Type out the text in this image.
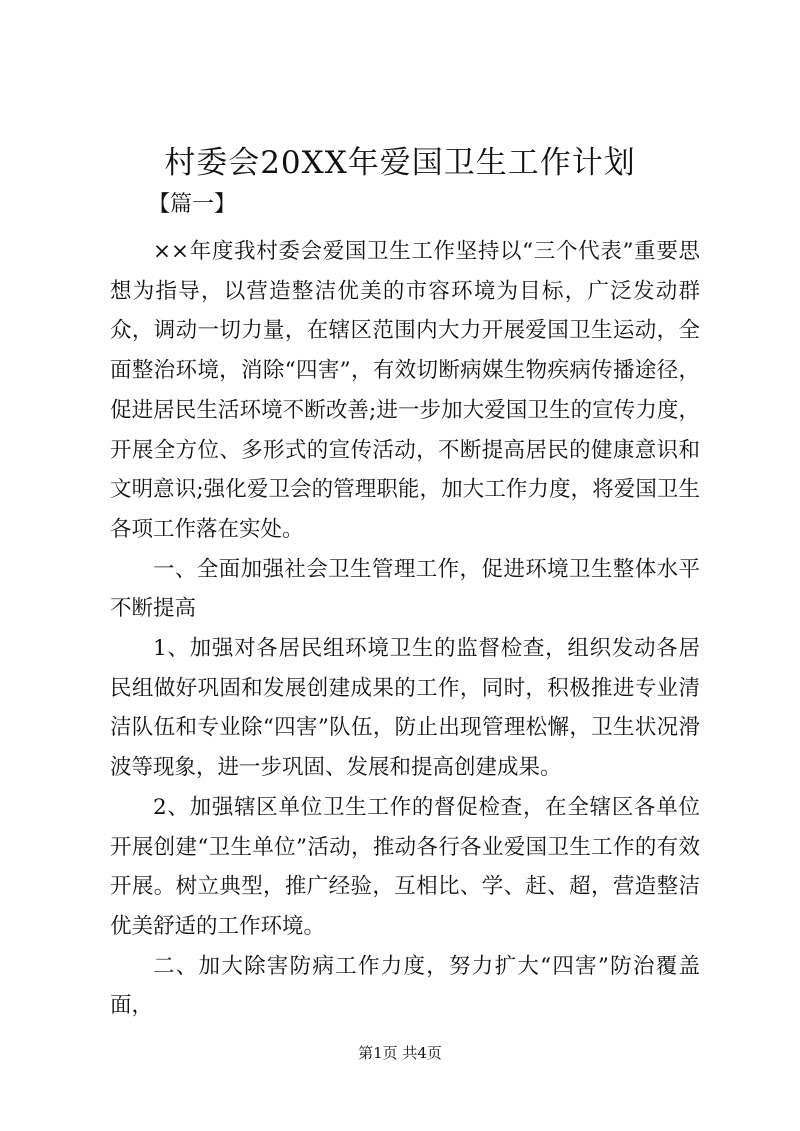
村委会20XX年爱国卫生工作计划
【篇一】

××年度我村委会爱国卫生工作坚持以“三个代表”重要思想为指导，以营造整洁优美的市容环境为目标，广泛发动群众，调动一切力量，在辖区范围内大力开展爱国卫生运动，全面整治环境，消除“四害”，有效切断病媒生物疾病传播途径，促进居民生活环境不断改善;进一步加大爱国卫生的宣传力度，开展全方位、多形式的宣传活动，不断提高居民的健康意识和文明意识;强化爱卫会的管理职能，加大工作力度，将爱国卫生各项工作落在实处。

一、全面加强社会卫生管理工作，促进环境卫生整体水平不断提高

1、加强对各居民组环境卫生的监督检查，组织发动各居民组做好巩固和发展创建成果的工作，同时，积极推进专业清洁队伍和专业除“四害”队伍，防止出现管理松懈，卫生状况滑波等现象，进一步巩固、发展和提高创建成果。

2、加强辖区单位卫生工作的督促检查，在全辖区各单位开展创建“卫生单位”活动，推动各行各业爱国卫生工作的有效开展。树立典型，推广经验，互相比、学、赶、超，营造整洁优美舒适的工作环境。

二、加大除害防病工作力度，努力扩大“四害”防治覆盖面，

第1页 共4页
